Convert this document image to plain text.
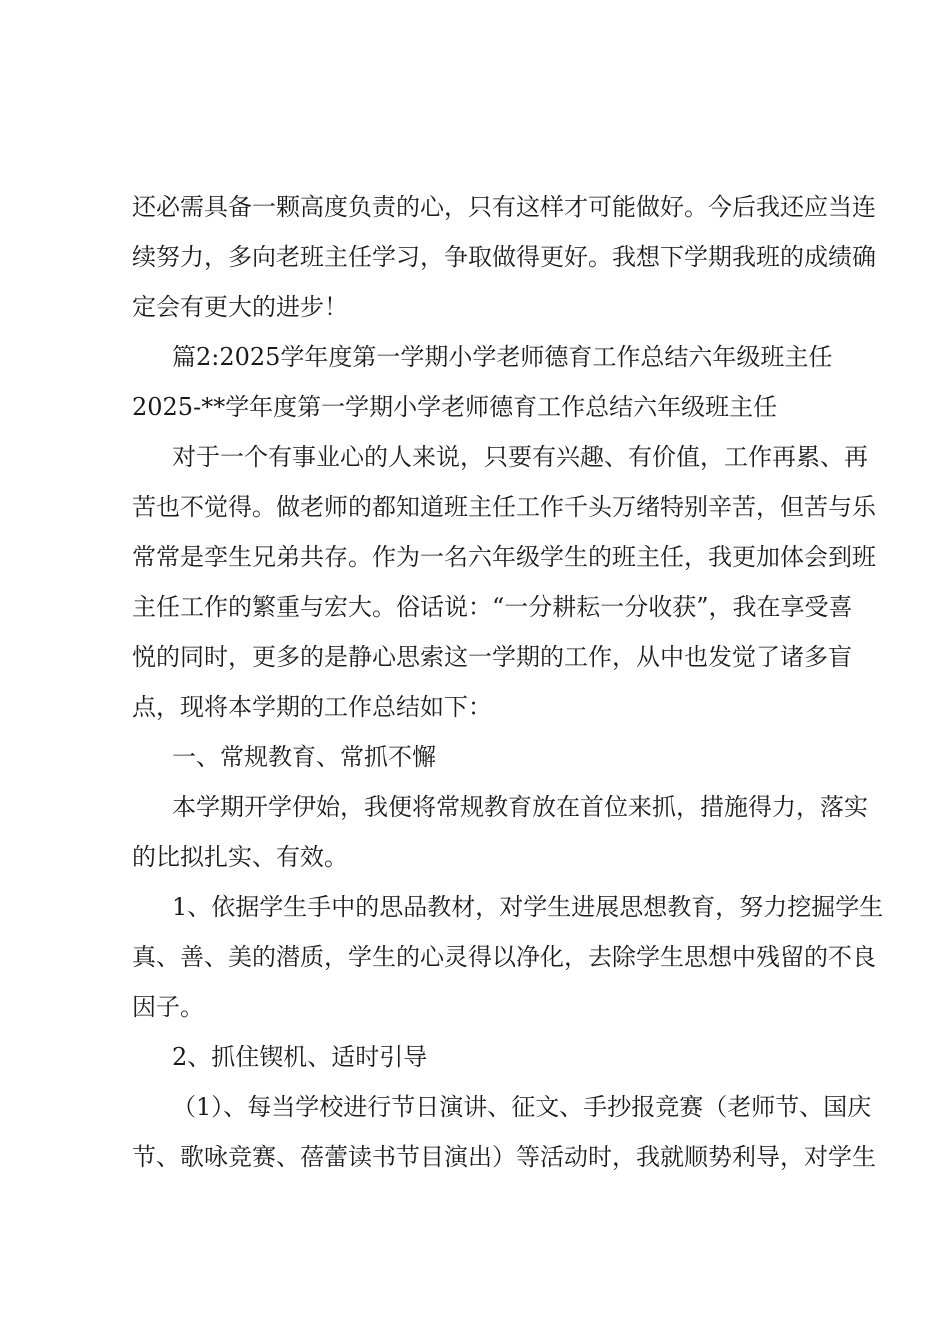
还必需具备一颗高度负责的心，只有这样才可能做好。今后我还应当连
续努力，多向老班主任学习，争取做得更好。我想下学期我班的成绩确
定会有更大的进步！
篇2:2025学年度第一学期小学老师德育工作总结六年级班主任
2025-**学年度第一学期小学老师德育工作总结六年级班主任
对于一个有事业心的人来说，只要有兴趣、有价值，工作再累、再
苦也不觉得。做老师的都知道班主任工作千头万绪特别辛苦，但苦与乐
常常是孪生兄弟共存。作为一名六年级学生的班主任，我更加体会到班
主任工作的繁重与宏大。俗话说：“一分耕耘一分收获”，我在享受喜
悦的同时，更多的是静心思索这一学期的工作，从中也发觉了诸多盲
点，现将本学期的工作总结如下：
一、常规教育、常抓不懈
本学期开学伊始，我便将常规教育放在首位来抓，措施得力，落实
的比拟扎实、有效。
1、依据学生手中的思品教材，对学生进展思想教育，努力挖掘学生
真、善、美的潜质，学生的心灵得以净化，去除学生思想中残留的不良
因子。
2、抓住锲机、适时引导
（1）、每当学校进行节日演讲、征文、手抄报竞赛（老师节、国庆
节、歌咏竞赛、蓓蕾读书节目演出）等活动时，我就顺势利导，对学生
